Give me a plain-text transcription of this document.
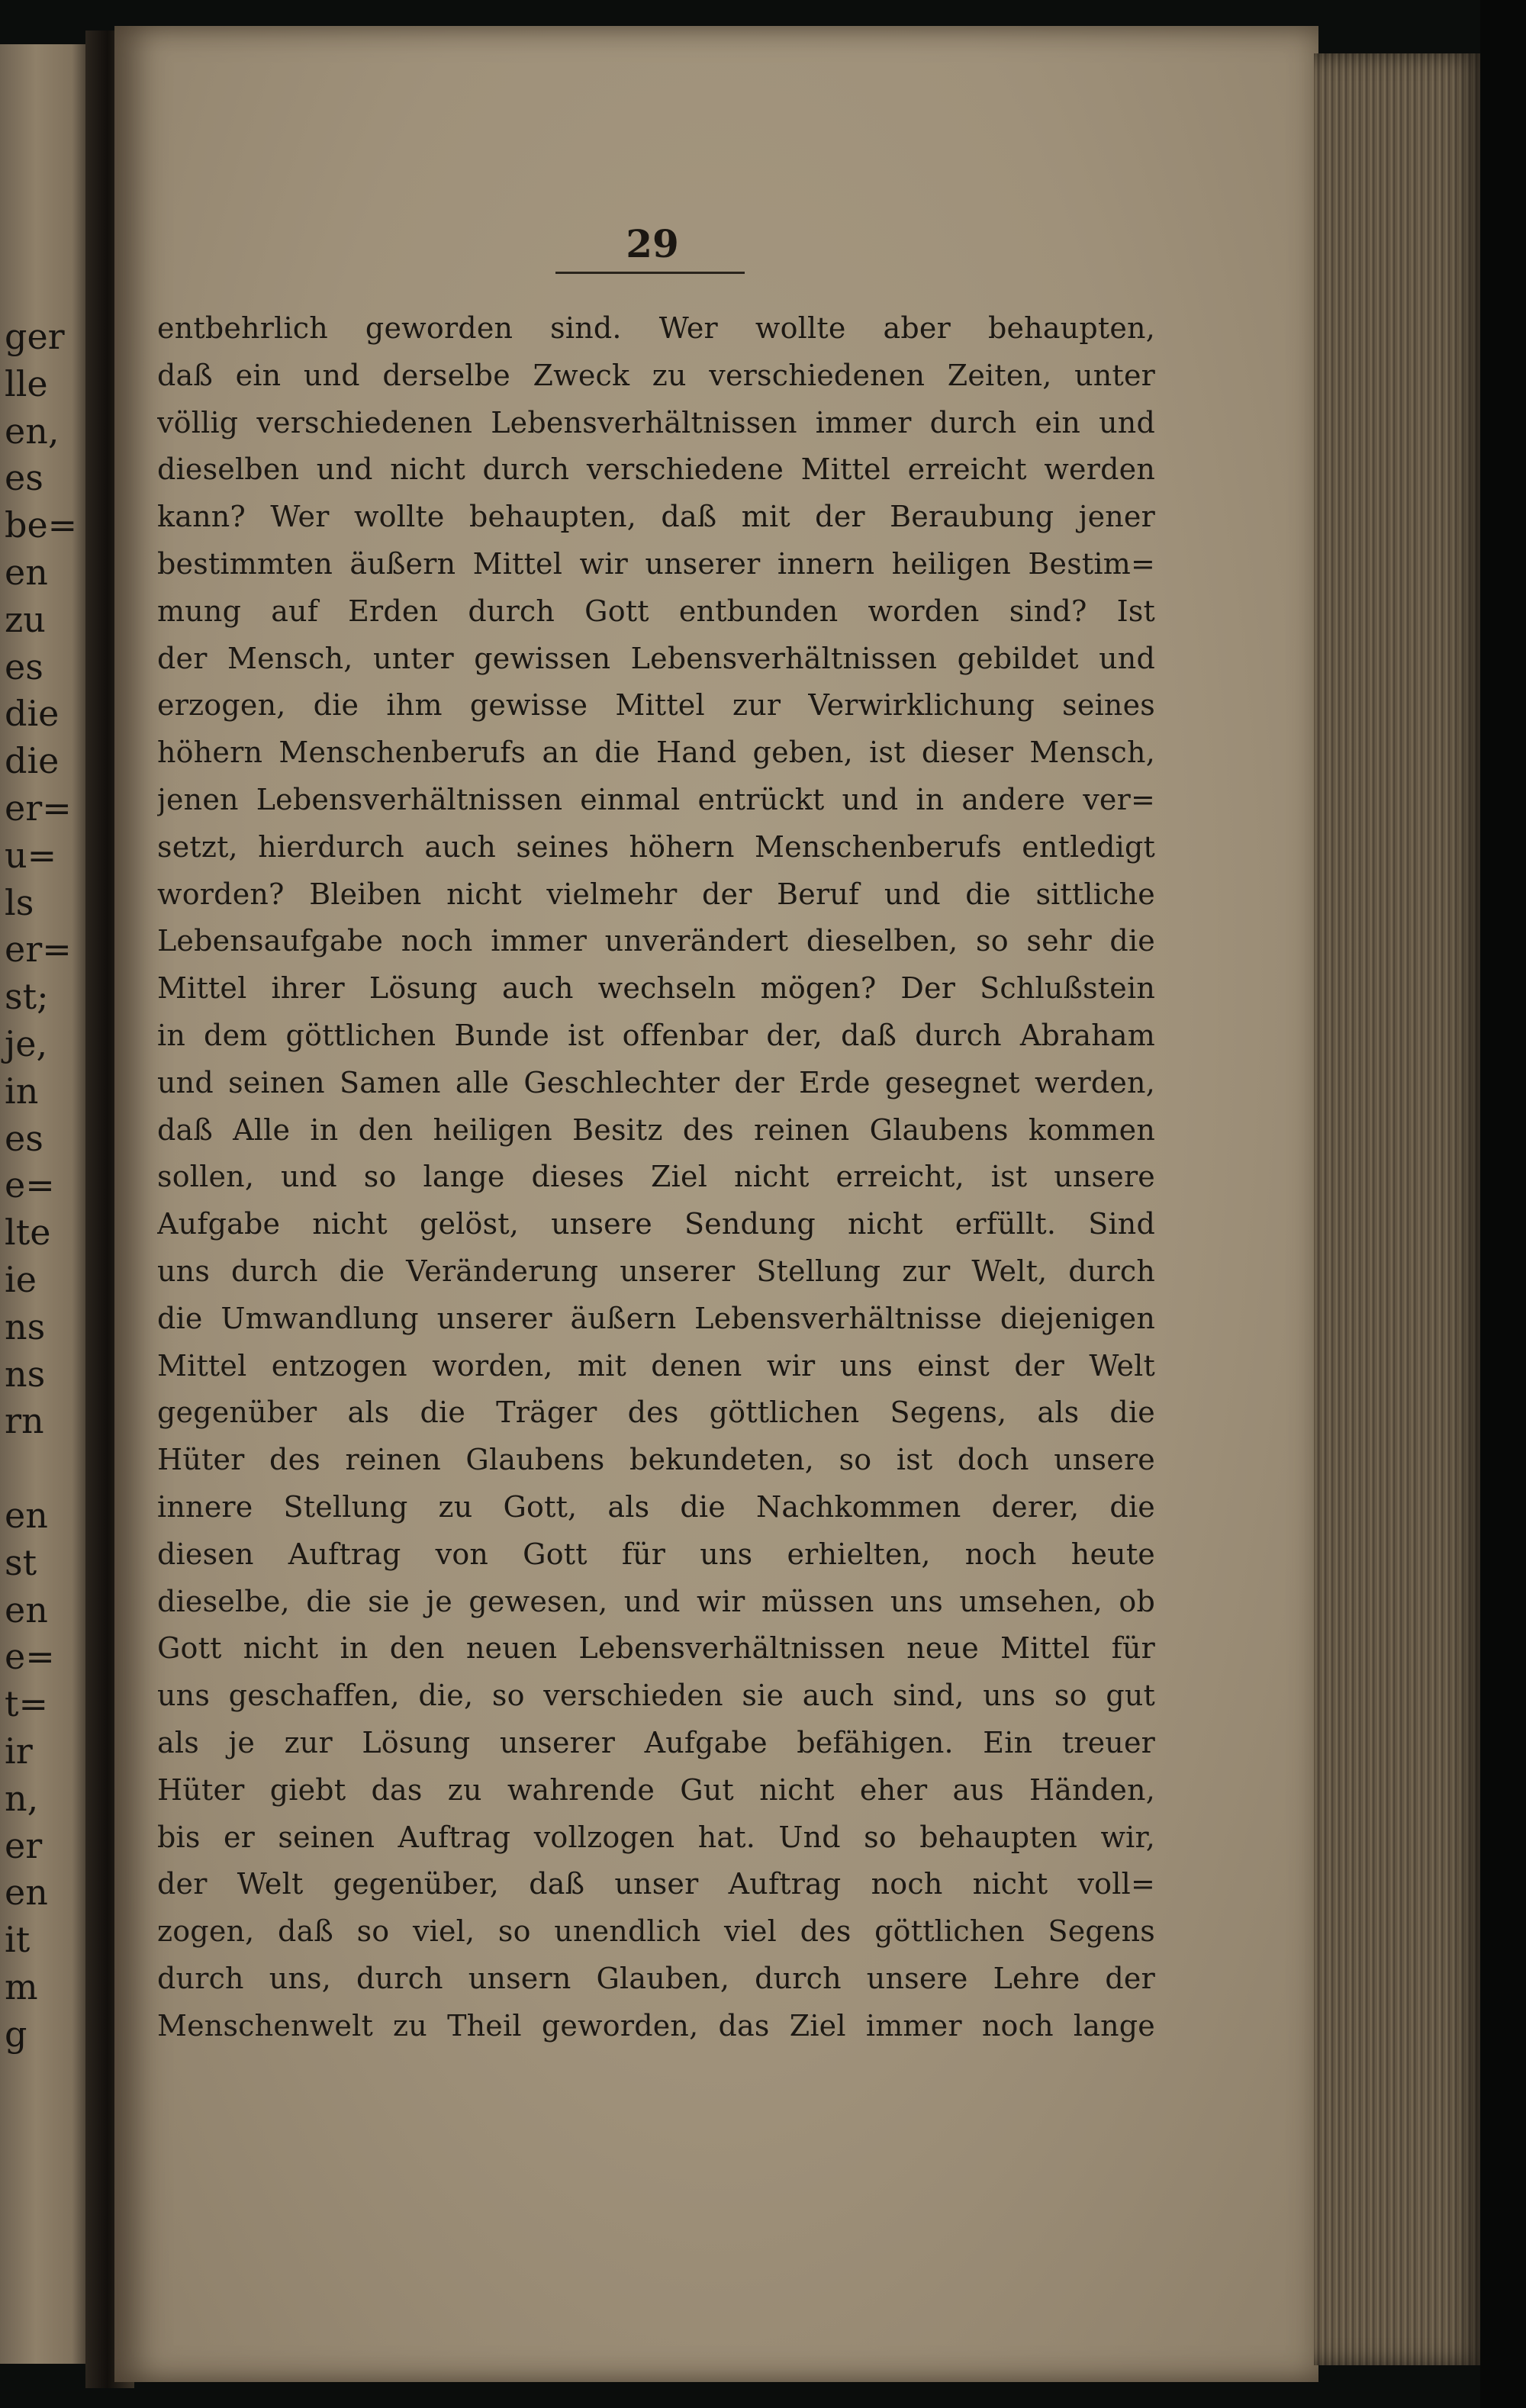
ger
lle
en,
es
be=
en
zu
es
die
die
er=
u=
ls
er=
st;
je,
in
es
e=
lte
ie
ns
ns
rn
en
st
en
e=
t=
ir
n,
er
en
it
m
g
29
entbehrlich geworden sind. Wer wollte aber behaupten,
daß ein und derselbe Zweck zu verschiedenen Zeiten, unter
völlig verschiedenen Lebensverhältnissen immer durch ein und
dieselben und nicht durch verschiedene Mittel erreicht werden
kann? Wer wollte behaupten, daß mit der Beraubung jener
bestimmten äußern Mittel wir unserer innern heiligen Bestim=
mung auf Erden durch Gott entbunden worden sind? Ist
der Mensch, unter gewissen Lebensverhältnissen gebildet und
erzogen, die ihm gewisse Mittel zur Verwirklichung seines
höhern Menschenberufs an die Hand geben, ist dieser Mensch,
jenen Lebensverhältnissen einmal entrückt und in andere ver=
setzt, hierdurch auch seines höhern Menschenberufs entledigt
worden? Bleiben nicht vielmehr der Beruf und die sittliche
Lebensaufgabe noch immer unverändert dieselben, so sehr die
Mittel ihrer Lösung auch wechseln mögen? Der Schlußstein
in dem göttlichen Bunde ist offenbar der, daß durch Abraham
und seinen Samen alle Geschlechter der Erde gesegnet werden,
daß Alle in den heiligen Besitz des reinen Glaubens kommen
sollen, und so lange dieses Ziel nicht erreicht, ist unsere
Aufgabe nicht gelöst, unsere Sendung nicht erfüllt. Sind
uns durch die Veränderung unserer Stellung zur Welt, durch
die Umwandlung unserer äußern Lebensverhältnisse diejenigen
Mittel entzogen worden, mit denen wir uns einst der Welt
gegenüber als die Träger des göttlichen Segens, als die
Hüter des reinen Glaubens bekundeten, so ist doch unsere
innere Stellung zu Gott, als die Nachkommen derer, die
diesen Auftrag von Gott für uns erhielten, noch heute
dieselbe, die sie je gewesen, und wir müssen uns umsehen, ob
Gott nicht in den neuen Lebensverhältnissen neue Mittel für
uns geschaffen, die, so verschieden sie auch sind, uns so gut
als je zur Lösung unserer Aufgabe befähigen. Ein treuer
Hüter giebt das zu wahrende Gut nicht eher aus Händen,
bis er seinen Auftrag vollzogen hat. Und so behaupten wir,
der Welt gegenüber, daß unser Auftrag noch nicht voll=
zogen, daß so viel, so unendlich viel des göttlichen Segens
durch uns, durch unsern Glauben, durch unsere Lehre der
Menschenwelt zu Theil geworden, das Ziel immer noch lange
